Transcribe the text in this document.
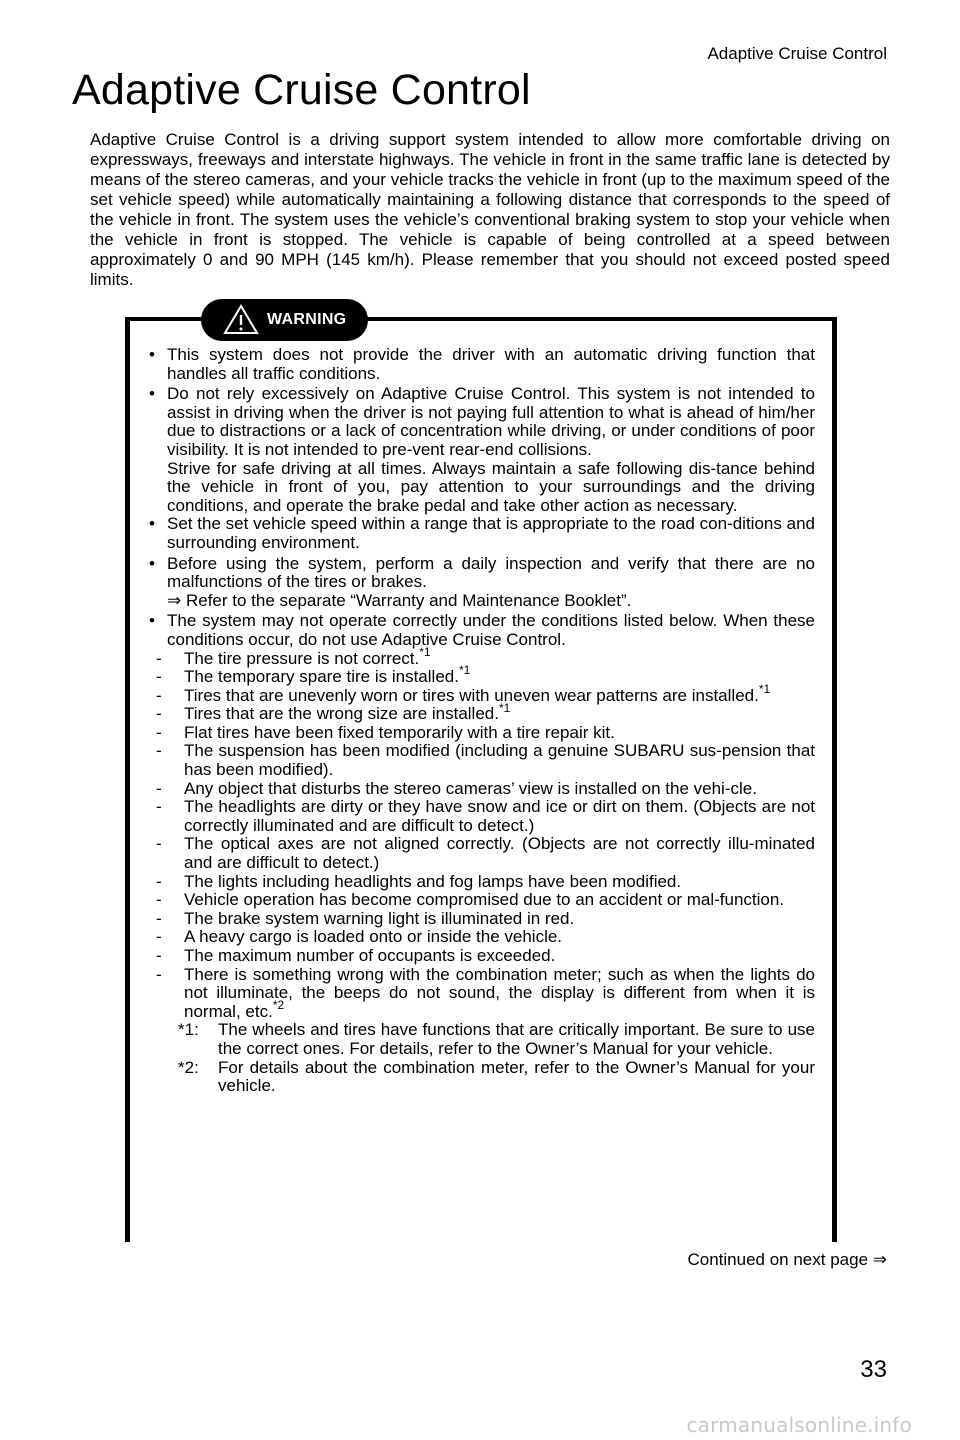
Adaptive Cruise Control
Adaptive Cruise Control

Adaptive Cruise Control is a driving support system intended to allow more comfortable driving on expressways, freeways and interstate highways. The vehicle in front in the same traffic lane is detected by means of the stereo cameras, and your vehicle tracks the vehicle in front (up to the maximum speed of the set vehicle speed) while automatically maintaining a following distance that corresponds to the speed of the vehicle in front. The system uses the vehicle’s conventional braking system to stop your vehicle when the vehicle in front is stopped. The vehicle is capable of being controlled at a speed between approximately 0 and 90 MPH (145 km/h). Please remember that you should not exceed posted speed limits.

WARNING

• This system does not provide the driver with an automatic driving function that handles all traffic conditions.

• Do not rely excessively on Adaptive Cruise Control. This system is not intended to assist in driving when the driver is not paying full attention to what is ahead of him/her due to distractions or a lack of concentration while driving, or under conditions of poor visibility. It is not intended to pre-vent rear-end collisions.

Strive for safe driving at all times. Always maintain a safe following dis-tance behind the vehicle in front of you, pay attention to your surroundings and the driving conditions, and operate the brake pedal and take other action as necessary.

• Set the set vehicle speed within a range that is appropriate to the road con-ditions and surrounding environment.

• Before using the system, perform a daily inspection and verify that there are no malfunctions of the tires or brakes.

⇒ Refer to the separate “Warranty and Maintenance Booklet”.

• The system may not operate correctly under the conditions listed below. When these conditions occur, do not use Adaptive Cruise Control.

- The tire pressure is not correct.$^{*1}$
- The temporary spare tire is installed.$^{*1}$
- Tires that are unevenly worn or tires with uneven wear patterns are installed.$^{*1}$
- Tires that are the wrong size are installed.$^{*1}$
- Flat tires have been fixed temporarily with a tire repair kit.
- The suspension has been modified (including a genuine SUBARU sus-pension that has been modified).
- Any object that disturbs the stereo cameras’ view is installed on the vehi-cle.
- The headlights are dirty or they have snow and ice or dirt on them. (Objects are not correctly illuminated and are difficult to detect.)
- The optical axes are not aligned correctly. (Objects are not correctly illu-minated and are difficult to detect.)
- The lights including headlights and fog lamps have been modified.
- Vehicle operation has become compromised due to an accident or mal-function.
- The brake system warning light is illuminated in red.
- A heavy cargo is loaded onto or inside the vehicle.
- The maximum number of occupants is exceeded.
- There is something wrong with the combination meter; such as when the lights do not illuminate, the beeps do not sound, the display is different from when it is normal, etc.$^{*2}$
*1: The wheels and tires have functions that are critically important. Be sure to use the correct ones. For details, refer to the Owner’s Manual for your vehicle.
*2: For details about the combination meter, refer to the Owner’s Manual for your vehicle.
Continued on next page ⇒
33
carmanualsonline.info
